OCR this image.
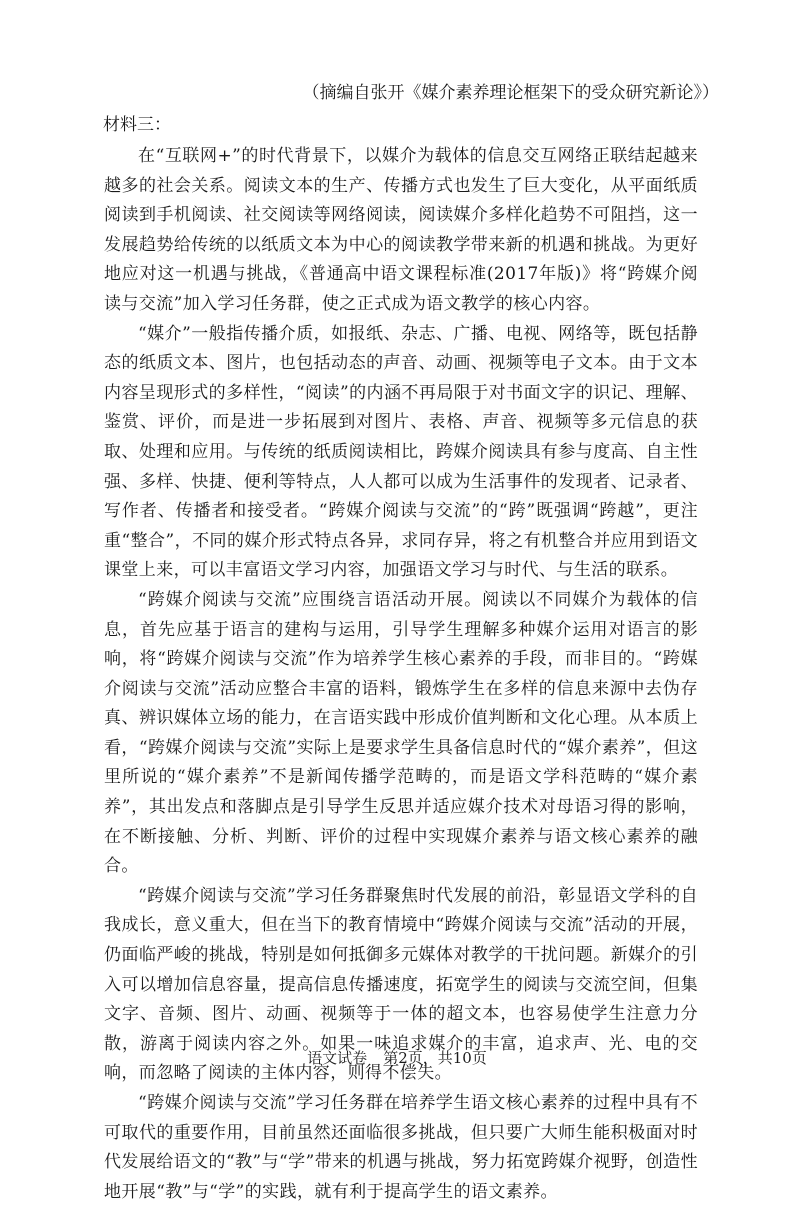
（摘编自张开《媒介素养理论框架下的受众研究新论》）
材料三：

在“互联网+”的时代背景下，以媒介为载体的信息交互网络正联结起越来越多的社会关系。阅读文本的生产、传播方式也发生了巨大变化，从平面纸质阅读到手机阅读、社交阅读等网络阅读，阅读媒介多样化趋势不可阻挡，这一发展趋势给传统的以纸质文本为中心的阅读教学带来新的机遇和挑战。为更好地应对这一机遇与挑战，《普通高中语文课程标准(2017年版)》将“跨媒介阅读与交流”加入学习任务群，使之正式成为语文教学的核心内容。

“媒介”一般指传播介质，如报纸、杂志、广播、电视、网络等，既包括静态的纸质文本、图片，也包括动态的声音、动画、视频等电子文本。由于文本内容呈现形式的多样性，“阅读”的内涵不再局限于对书面文字的识记、理解、鉴赏、评价，而是进一步拓展到对图片、表格、声音、视频等多元信息的获取、处理和应用。与传统的纸质阅读相比，跨媒介阅读具有参与度高、自主性强、多样、快捷、便利等特点，人人都可以成为生活事件的发现者、记录者、写作者、传播者和接受者。“跨媒介阅读与交流”的“跨”既强调“跨越”，更注重“整合”，不同的媒介形式特点各异，求同存异，将之有机整合并应用到语文课堂上来，可以丰富语文学习内容，加强语文学习与时代、与生活的联系。

“跨媒介阅读与交流”应围绕言语活动开展。阅读以不同媒介为载体的信息，首先应基于语言的建构与运用，引导学生理解多种媒介运用对语言的影响，将“跨媒介阅读与交流”作为培养学生核心素养的手段，而非目的。“跨媒介阅读与交流”活动应整合丰富的语料，锻炼学生在多样的信息来源中去伪存真、辨识媒体立场的能力，在言语实践中形成价值判断和文化心理。从本质上看，“跨媒介阅读与交流”实际上是要求学生具备信息时代的“媒介素养”，但这里所说的“媒介素养”不是新闻传播学范畴的，而是语文学科范畴的“媒介素养”，其出发点和落脚点是引导学生反思并适应媒介技术对母语习得的影响，在不断接触、分析、判断、评价的过程中实现媒介素养与语文核心素养的融合。

“跨媒介阅读与交流”学习任务群聚焦时代发展的前沿，彰显语文学科的自我成长，意义重大，但在当下的教育情境中“跨媒介阅读与交流”活动的开展，仍面临严峻的挑战，特别是如何抵御多元媒体对教学的干扰问题。新媒介的引入可以增加信息容量，提高信息传播速度，拓宽学生的阅读与交流空间，但集文字、音频、图片、动画、视频等于一体的超文本，也容易使学生注意力分散，游离于阅读内容之外。如果一味追求媒介的丰富，追求声、光、电的交响，而忽略了阅读的主体内容，则得不偿失。

“跨媒介阅读与交流”学习任务群在培养学生语文核心素养的过程中具有不可取代的重要作用，目前虽然还面临很多挑战，但只要广大师生能积极面对时代发展给语文的“教”与“学”带来的机遇与挑战，努力拓宽跨媒介视野，创造性地开展“教”与“学”的实践，就有利于提高学生的语文素养。

语文试卷 第2页，共10页
